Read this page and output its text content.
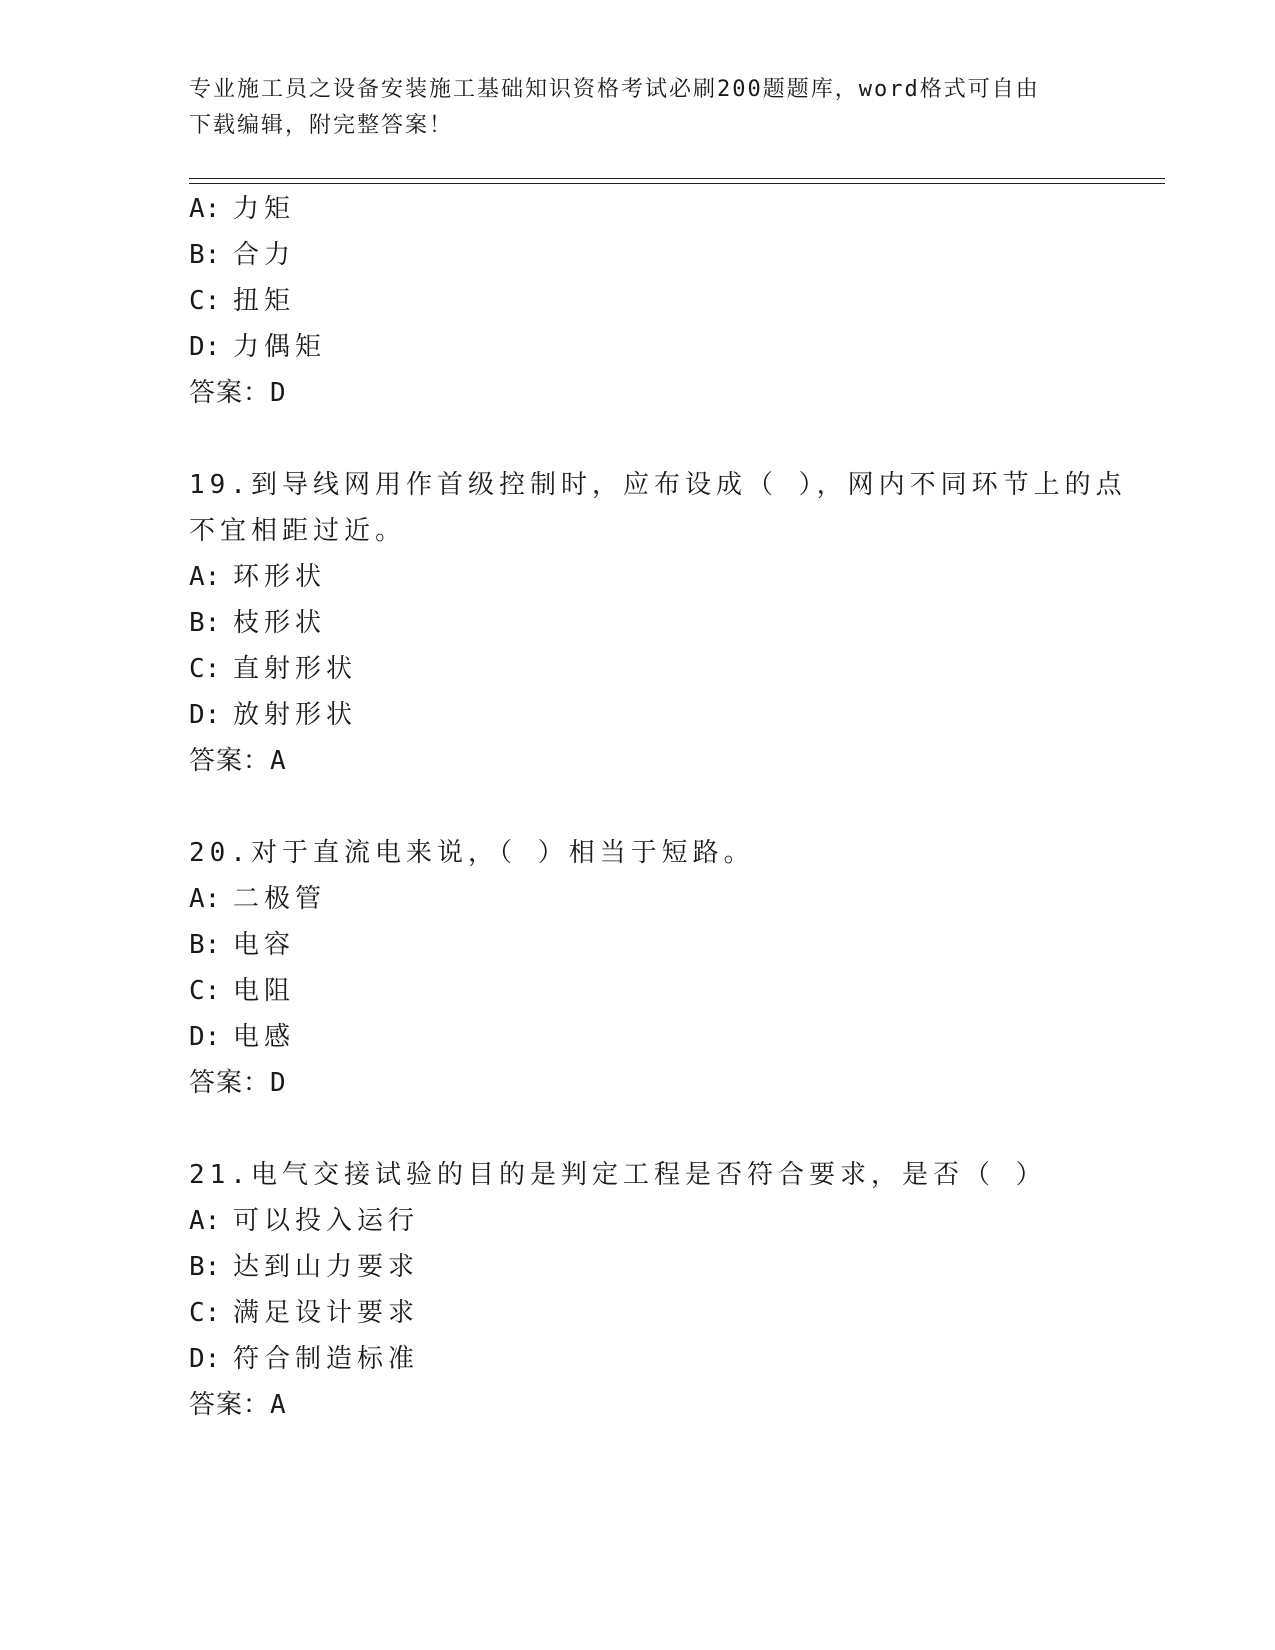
专业施工员之设备安装施工基础知识资格考试必刷200题题库，word格式可自由
下载编辑，附完整答案！
A: 力矩
B: 合力
C: 扭矩
D: 力偶矩
答案：D
19.到导线网用作首级控制时，应布设成（ ），网内不同环节上的点
不宜相距过近。
A: 环形状
B: 枝形状
C: 直射形状
D: 放射形状
答案：A
20.对于直流电来说，（ ）相当于短路。
A: 二极管
B: 电容
C: 电阻
D: 电感
答案：D
21.电气交接试验的目的是判定工程是否符合要求，是否（ ）
A: 可以投入运行
B: 达到山力要求
C: 满足设计要求
D: 符合制造标准
答案：A
